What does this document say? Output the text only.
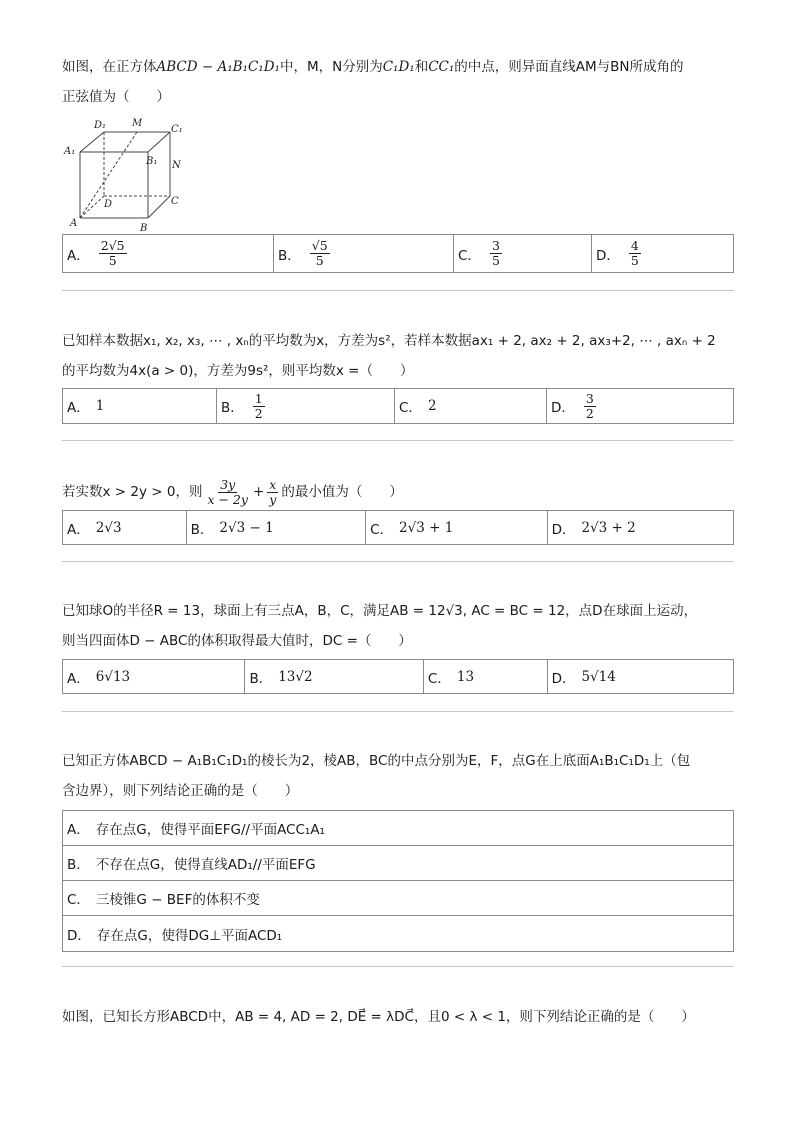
如图，在正方体ABCD − A₁B₁C₁D₁中，M，N分别为C₁D₁和CC₁的中点，则异面直线AM与BN所成角的
正弦值为（　　）
D₁	M
C₁
A₁
B₁ N
D	C
A	B
A． $\frac{2√5}{5}$	B． $\frac{√5}{5}$	C． $\frac{3}{5}$	D． $\frac{4}{5}$
已知样本数据x₁, x₂, x₃, ⋯ , xₙ的平均数为x，方差为s²，若样本数据ax₁ + 2, ax₂ + 2, ax₃+2, ⋯ , axₙ + 2
的平均数为4x(a > 0)，方差为9s²，则平均数x =（　　）
A． 1	B． $\frac{1}{2}$	C． 2	D． $\frac{3}{2}$
若实数x > 2y > 0，则 $\frac{3y}{x - 2y} + \frac{x}{y}$ 的最小值为（　　）
A． 2√3	B． 2√3 − 1	C． 2√3 + 1	D． 2√3 + 2
已知球O的半径R = 13，球面上有三点A，B，C，满足AB = 12√3, AC = BC = 12，点D在球面上运动，
则当四面体D − ABC的体积取得最大值时，DC =（　　）
A． 6√13	B． 13√2	C． 13	D． 5√14
已知正方体ABCD − A₁B₁C₁D₁的棱长为2，棱AB，BC的中点分别为E，F，点G在上底面A₁B₁C₁D₁上（包
含边界），则下列结论正确的是（　　）
A． 存在点G，使得平面EFG//平面ACC₁A₁
B． 不存在点G，使得直线AD₁//平面EFG
C． 三棱锥G − BEF的体积不变
D． 存在点G，使得DG⊥平面ACD₁
如图，已知长方形ABCD中，AB = 4, AD = 2, DE⃗ = λDC⃗，且0 < λ < 1，则下列结论正确的是（　　）
